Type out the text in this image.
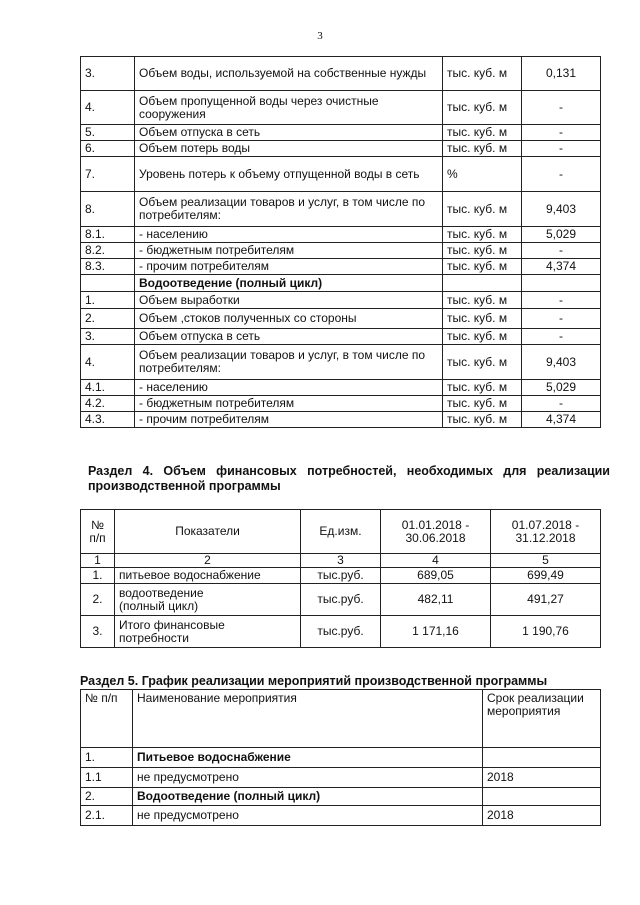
3
3.	Объем воды, используемой на собственные нужды	тыс. куб. м	0,131
4.	Объем пропущенной воды через очистные сооружения	тыс. куб. м	-
5.	Объем отпуска в сеть	тыс. куб. м	-
6.	Объем потерь воды	тыс. куб. м	-
7.	Уровень потерь к объему отпущенной воды в сеть	%	-
8.	Объем реализации товаров и услуг, в том числе по потребителям:	тыс. куб. м	9,403
8.1.	- населению	тыс. куб. м	5,029
8.2.	- бюджетным потребителям	тыс. куб. м	-
8.3.	- прочим потребителям	тыс. куб. м	4,374
	Водоотведение (полный цикл)		
1.	Объем выработки	тыс. куб. м	-
2.	Объем ,стоков полученных со стороны	тыс. куб. м	-
3.	Объем отпуска в сеть	тыс. куб. м	-
4.	Объем реализации товаров и услуг, в том числе по потребителям:	тыс. куб. м	9,403
4.1.	- населению	тыс. куб. м	5,029
4.2.	- бюджетным потребителям	тыс. куб. м	-
4.3.	- прочим потребителям	тыс. куб. м	4,374
Раздел 4. Объем финансовых потребностей, необходимых для реализации производственной программы
№ п/п	Показатели	Ед.изм.	01.01.2018 - 30.06.2018	01.07.2018 - 31.12.2018
1	2	3	4	5
1.	питьевое водоснабжение	тыс.руб.	689,05	699,49
2.	водоотведение (полный цикл)	тыс.руб.	482,11	491,27
3.	Итого финансовые потребности	тыс.руб.	1 171,16	1 190,76
Раздел 5. График реализации мероприятий производственной программы
№ п/п	Наименование мероприятия	Срок реализации мероприятия
1.	Питьевое водоснабжение	
1.1	не предусмотрено	2018
2.	Водоотведение (полный цикл)	
2.1.	не предусмотрено	2018
